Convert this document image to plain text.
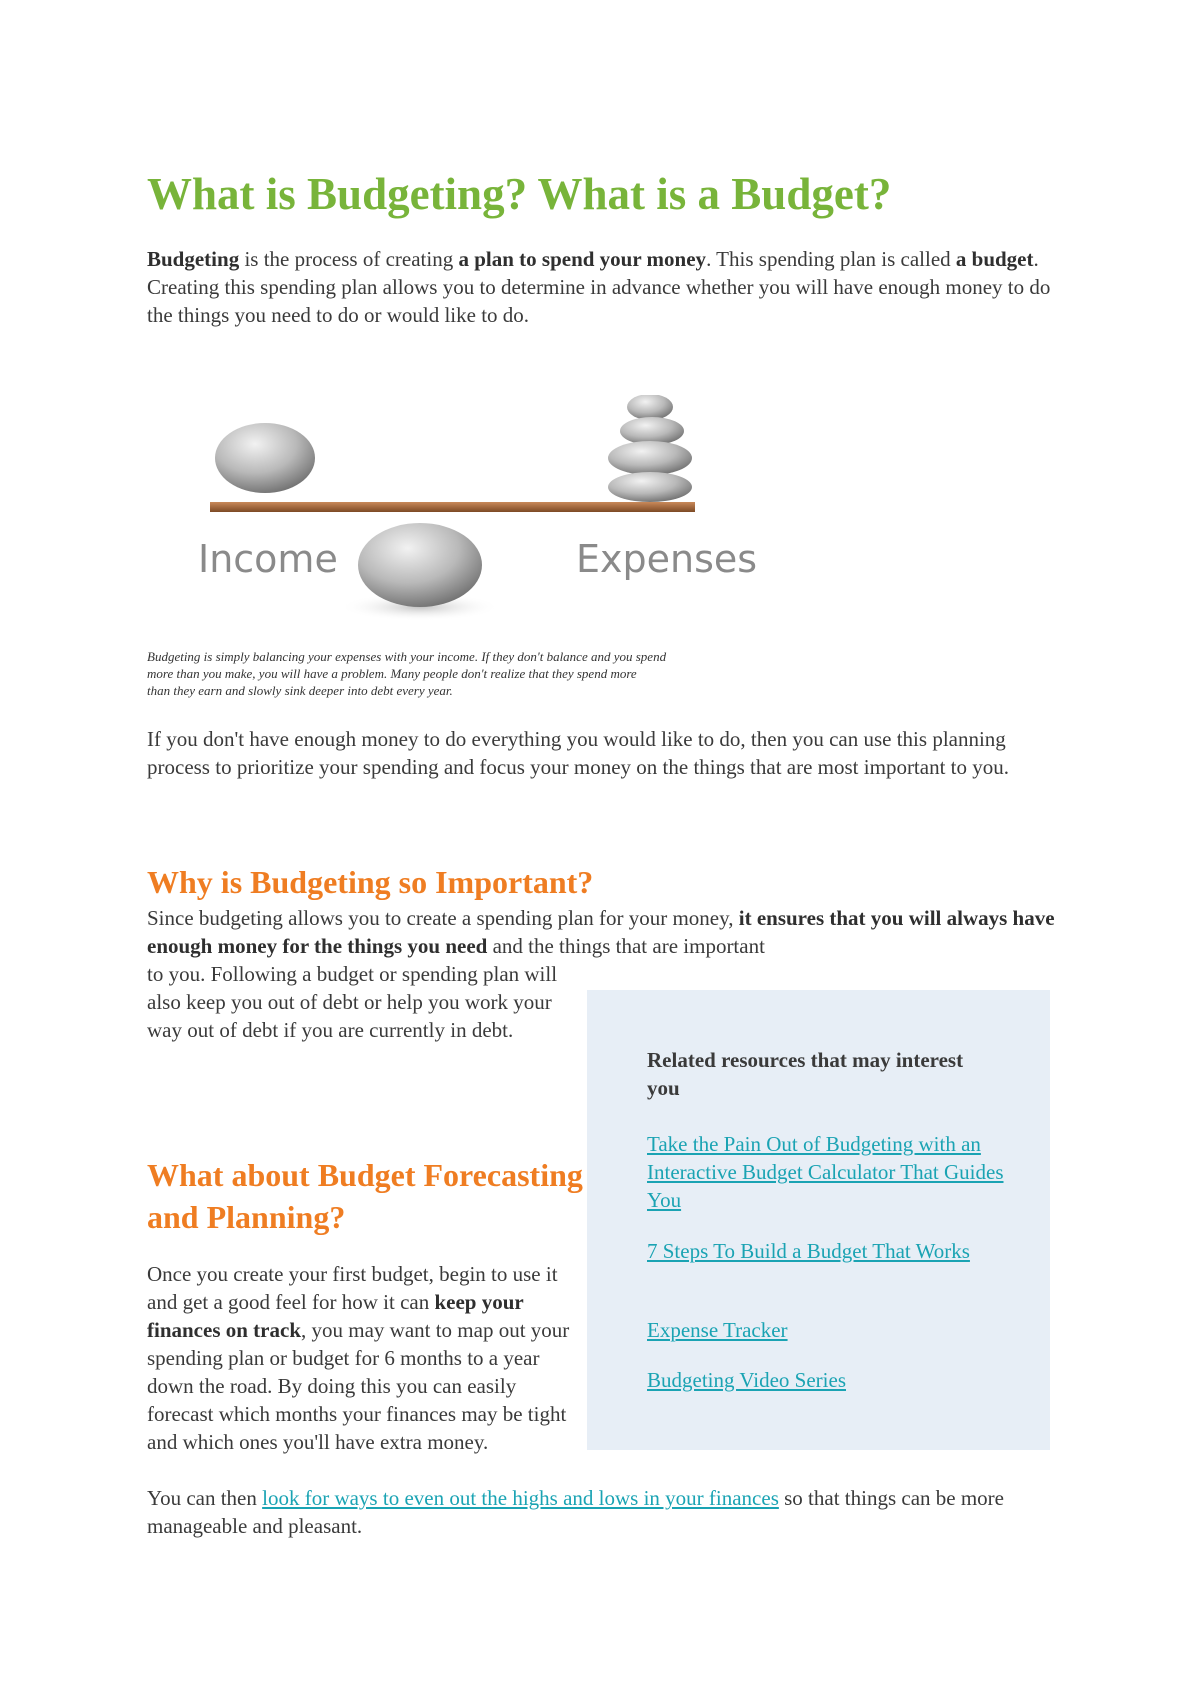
What is Budgeting? What is a Budget?

Budgeting is the process of creating a plan to spend your money. This spending plan is called a budget. Creating this spending plan allows you to determine in advance whether you will have enough money to do the things you need to do or would like to do.

Income	Expenses

Budgeting is simply balancing your expenses with your income. If they don't balance and you spend
more than you make, you will have a problem. Many people don't realize that they spend more
than they earn and slowly sink deeper into debt every year.

If you don't have enough money to do everything you would like to do, then you can use this planning process to prioritize your spending and focus your money on the things that are most important to you.

Why is Budgeting so Important?

Since budgeting allows you to create a spending plan for your money, it ensures that you will always have enough money for the things you need and the things that are important

to you. Following a budget or spending plan will also keep you out of debt or help you work your way out of debt if you are currently in debt.

What about Budget Forecasting and Planning?

Once you create your first budget, begin to use it and get a good feel for how it can keep your finances on track, you may want to map out your spending plan or budget for 6 months to a year down the road. By doing this you can easily forecast which months your finances may be tight and which ones you'll have extra money.

You can then look for ways to even out the highs and lows in your finances so that things can be more manageable and pleasant.

Related resources that may interest you

Take the Pain Out of Budgeting with an Interactive Budget Calculator That Guides You
7 Steps To Build a Budget That Works
Expense Tracker
Budgeting Video Series
